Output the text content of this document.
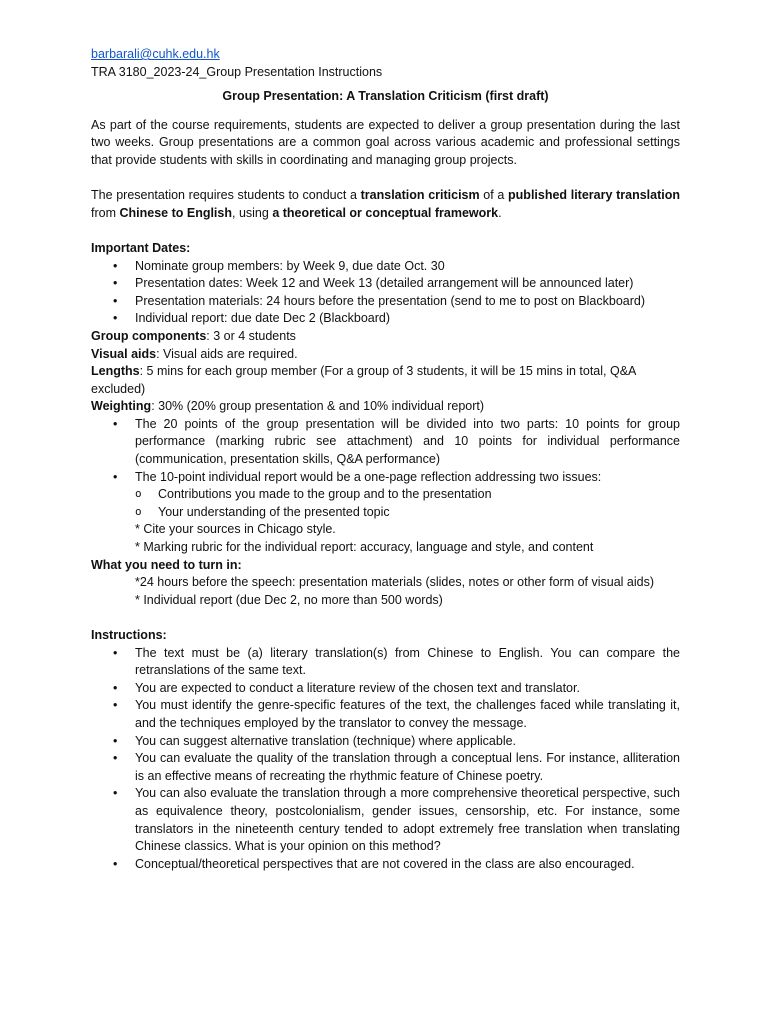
barbarali@cuhk.edu.hk
TRA 3180_2023-24_Group Presentation Instructions
Group Presentation: A Translation Criticism (first draft)
As part of the course requirements, students are expected to deliver a group presentation during the last two weeks. Group presentations are a common goal across various academic and professional settings that provide students with skills in coordinating and managing group projects.
The presentation requires students to conduct a translation criticism of a published literary translation from Chinese to English, using a theoretical or conceptual framework.
Important Dates:
• Nominate group members: by Week 9, due date Oct. 30
• Presentation dates: Week 12 and Week 13 (detailed arrangement will be announced later)
• Presentation materials: 24 hours before the presentation (send to me to post on Blackboard)
• Individual report: due date Dec 2 (Blackboard)
Group components: 3 or 4 students
Visual aids: Visual aids are required.
Lengths: 5 mins for each group member (For a group of 3 students, it will be 15 mins in total, Q&A excluded)
Weighting: 30% (20% group presentation & and 10% individual report)
• The 20 points of the group presentation will be divided into two parts: 10 points for group performance (marking rubric see attachment) and 10 points for individual performance (communication, presentation skills, Q&A performance)
• The 10-point individual report would be a one-page reflection addressing two issues:
o Contributions you made to the group and to the presentation
o Your understanding of the presented topic
* Cite your sources in Chicago style.
* Marking rubric for the individual report: accuracy, language and style, and content
What you need to turn in:
*24 hours before the speech: presentation materials (slides, notes or other form of visual aids)
* Individual report (due Dec 2, no more than 500 words)
Instructions:
• The text must be (a) literary translation(s) from Chinese to English. You can compare the retranslations of the same text.
• You are expected to conduct a literature review of the chosen text and translator.
• You must identify the genre-specific features of the text, the challenges faced while translating it, and the techniques employed by the translator to convey the message.
• You can suggest alternative translation (technique) where applicable.
• You can evaluate the quality of the translation through a conceptual lens. For instance, alliteration is an effective means of recreating the rhythmic feature of Chinese poetry.
• You can also evaluate the translation through a more comprehensive theoretical perspective, such as equivalence theory, postcolonialism, gender issues, censorship, etc. For instance, some translators in the nineteenth century tended to adopt extremely free translation when translating Chinese classics. What is your opinion on this method?
• Conceptual/theoretical perspectives that are not covered in the class are also encouraged.
